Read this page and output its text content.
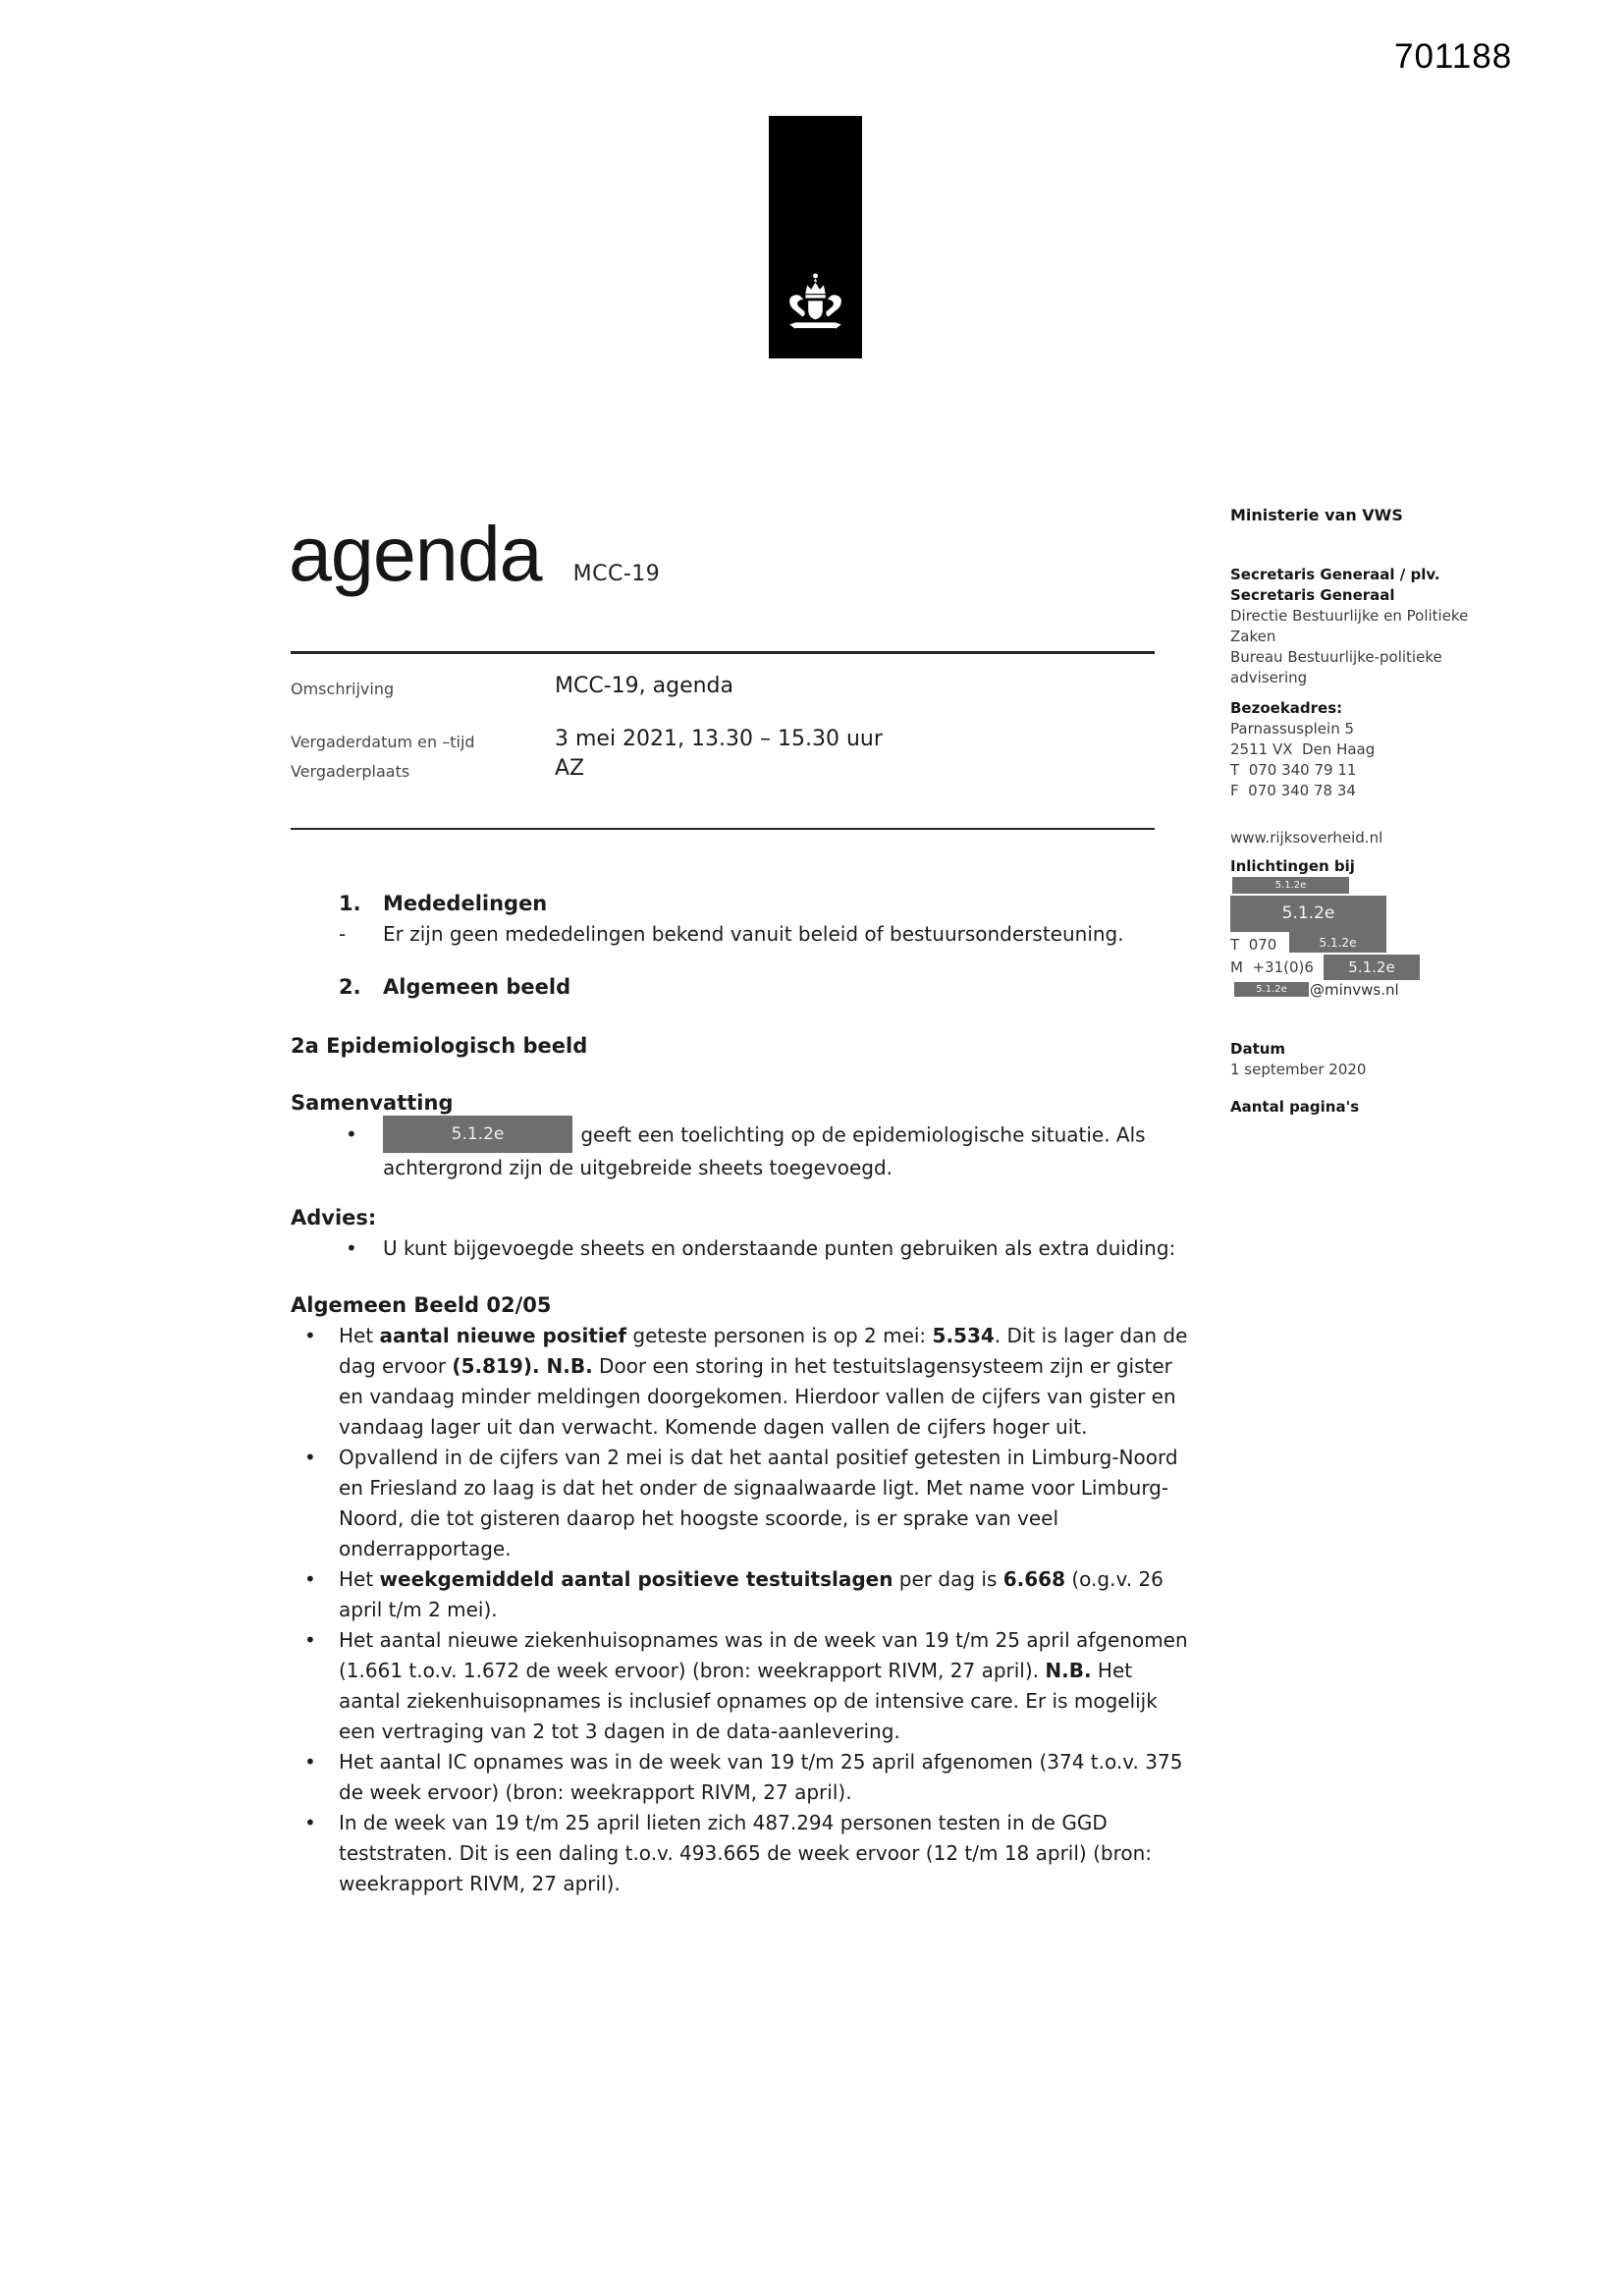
701188
agenda MCC-19
Omschrijving	MCC-19, agenda
Vergaderdatum en –tijd	3 mei 2021, 13.30 – 15.30 uur
Vergaderplaats	AZ
1.	Mededelingen
-	Er zijn geen mededelingen bekend vanuit beleid of bestuursondersteuning.
2.	Algemeen beeld
2a Epidemiologisch beeld
Samenvatting
•	5.1.2e	geeft een toelichting op de epidemiologische situatie. Als achtergrond zijn de uitgebreide sheets toegevoegd.
Advies:
•	U kunt bijgevoegde sheets en onderstaande punten gebruiken als extra duiding:
Algemeen Beeld 02/05
•	Het aantal nieuwe positief geteste personen is op 2 mei: 5.534. Dit is lager dan de dag ervoor (5.819). N.B. Door een storing in het testuitslagensysteem zijn er gister en vandaag minder meldingen doorgekomen. Hierdoor vallen de cijfers van gister en vandaag lager uit dan verwacht. Komende dagen vallen de cijfers hoger uit.
•	Opvallend in de cijfers van 2 mei is dat het aantal positief getesten in Limburg-Noord en Friesland zo laag is dat het onder de signaalwaarde ligt. Met name voor Limburg-Noord, die tot gisteren daarop het hoogste scoorde, is er sprake van veel onderrapportage.
•	Het weekgemiddeld aantal positieve testuitslagen per dag is 6.668 (o.g.v. 26 april t/m 2 mei).
•	Het aantal nieuwe ziekenhuisopnames was in de week van 19 t/m 25 april afgenomen (1.661 t.o.v. 1.672 de week ervoor) (bron: weekrapport RIVM, 27 april). N.B. Het aantal ziekenhuisopnames is inclusief opnames op de intensive care. Er is mogelijk een vertraging van 2 tot 3 dagen in de data-aanlevering.
•	Het aantal IC opnames was in de week van 19 t/m 25 april afgenomen (374 t.o.v. 375 de week ervoor) (bron: weekrapport RIVM, 27 april).
•	In de week van 19 t/m 25 april lieten zich 487.294 personen testen in de GGD teststraten. Dit is een daling t.o.v. 493.665 de week ervoor (12 t/m 18 april) (bron: weekrapport RIVM, 27 april).
Ministerie van VWS
Secretaris Generaal / plv.
Secretaris Generaal
Directie Bestuurlijke en Politieke
Zaken
Bureau Bestuurlijke-politieke
advisering
Bezoekadres:
Parnassusplein 5
2511 VX  Den Haag
T  070 340 79 11
F  070 340 78 34
www.rijksoverheid.nl
Inlichtingen bij
5.1.2e
5.1.2e
5.1.2e
T  070
M  +31(0)6	5.1.2e
5.1.2e	@minvws.nl
Datum
1 september 2020
Aantal pagina's
